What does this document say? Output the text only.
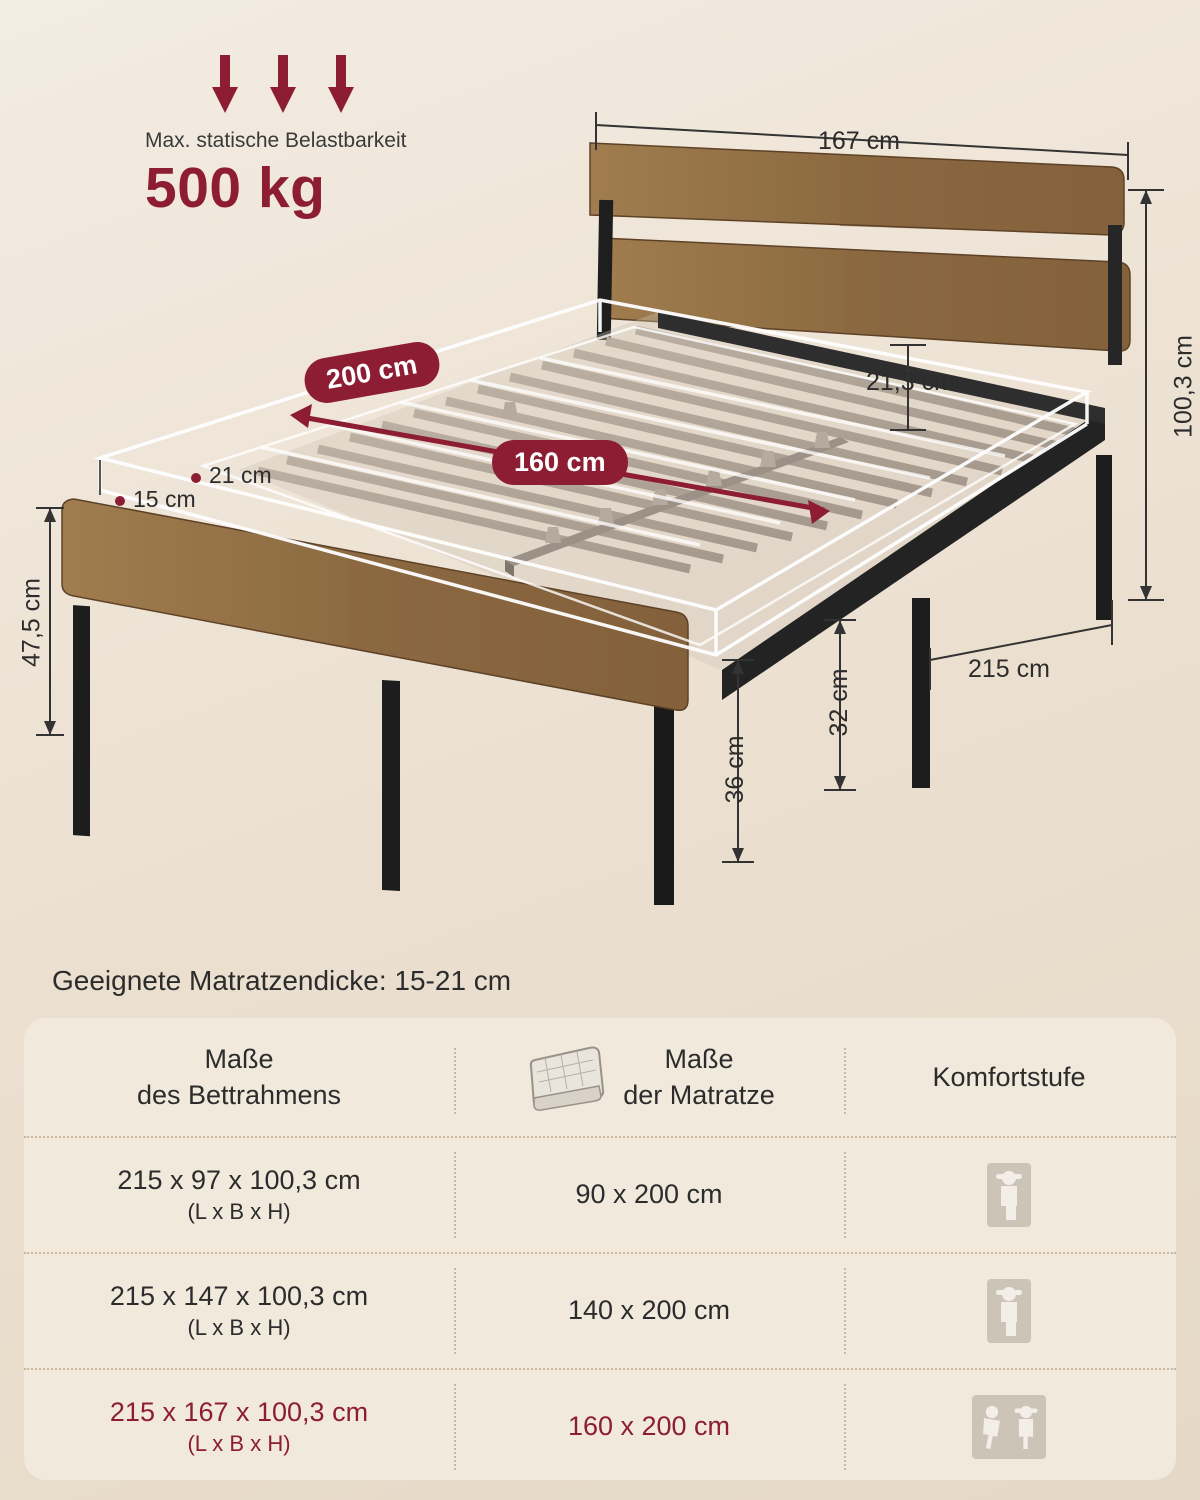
Max. statische Belastbarkeit
500 kg
167 cm
100,3 cm
21,3 cm
200 cm
160 cm
21 cm
15 cm
47,5 cm
36 cm
32 cm	215 cm
Geeignete Matratzendicke: 15-21 cm
Maße
des Bettrahmens
Maße
der Matratze
Komfortstufe
215 x 97 x 100,3 cm
(L x B x H)
90 x 200 cm
215 x 147 x 100,3 cm
(L x B x H)
140 x 200 cm
215 x 167 x 100,3 cm
(L x B x H)
160 x 200 cm
